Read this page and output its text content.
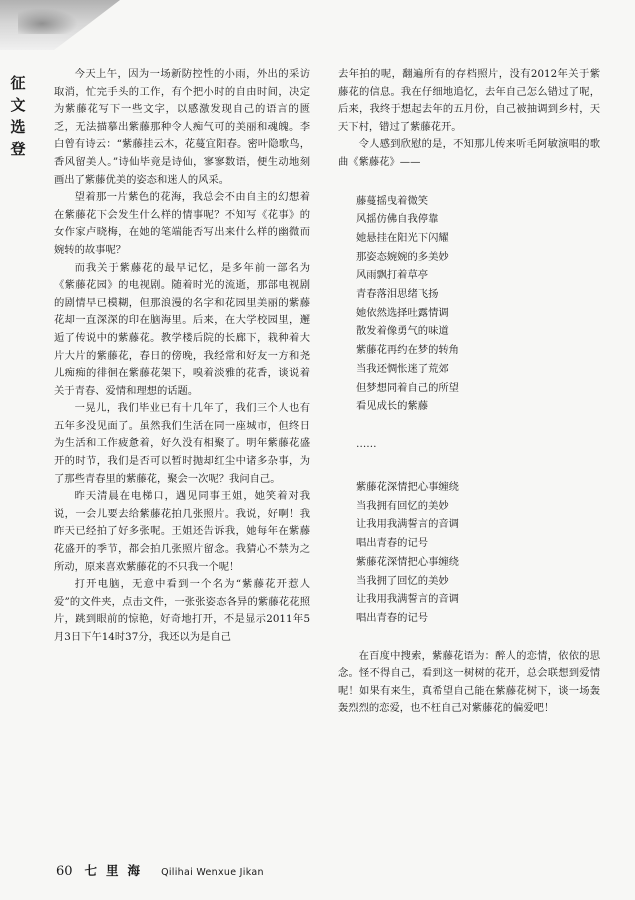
征文选登

今天上午，因为一场新防控性的小雨，外出的采访取消，忙完手头的工作，有个把小时的自由时间，决定为紫藤花写下一些文字，以感激发现自己的语言的匮乏，无法描摹出紫藤那种令人痴气可的美丽和魂魄。李白曾有诗云：“紫藤挂云木，花蔓宜阳春。密叶隐歌鸟，香风留美人。”诗仙毕竟是诗仙，寥寥数语，便生动地刻画出了紫藤优美的姿态和迷人的风采。

望着那一片紫色的花海，我总会不由自主的幻想着在紫藤花下会发生什么样的情事呢？不知写《花事》的女作家卢晓梅，在她的笔端能否写出来什么样的幽微而婉转的故事呢？

而我关于紫藤花的最早记忆，是多年前一部名为《紫藤花园》的电视剧。随着时光的流逝，那部电视剧的剧情早已模糊，但那浪漫的名字和花园里美丽的紫藤花却一直深深的印在脑海里。后来，在大学校园里，邂逅了传说中的紫藤花。教学楼后院的长廊下，栽种着大片大片的紫藤花，春日的傍晚，我经常和好友一方和尧儿痴痴的徘徊在紫藤花架下，嗅着淡雅的花香，谈说着关于青春、爱情和理想的话题。

一晃儿，我们毕业已有十几年了，我们三个人也有五年多没见面了。虽然我们生活在同一座城市，但终日为生活和工作疲惫着，好久没有相聚了。明年紫藤花盛开的时节，我们是否可以暂时抛却红尘中诸多杂事，为了那些青春里的紫藤花，聚会一次呢？我问自己。

昨天清晨在电梯口，遇见同事王姐，她笑着对我说，一会儿要去给紫藤花拍几张照片。我说，好啊！我昨天已经拍了好多张呢。王姐还告诉我，她每年在紫藤花盛开的季节，都会拍几张照片留念。我猜心不禁为之所动，原来喜欢紫藤花的不只我一个呢！

打开电脑，无意中看到一个名为“紫藤花开惹人爱”的文件夹，点击文件，一张张姿态各异的紫藤花花照片，跳到眼前的惊艳，好奇地打开，不是显示2011年5月3日下午14时37分，我还以为是自己

去年拍的呢，翻遍所有的存档照片，没有2012年关于紫藤花的信息。我在仔细地追忆，去年自己怎么错过了呢，后来，我终于想起去年的五月份，自己被抽调到乡村，天天下村，错过了紫藤花开。

令人感到欣慰的是，不知那儿传来听毛阿敏演唱的歌曲《紫藤花》——

藤蔓摇曳着微笑
风摇仿佛自我停靠
她悬挂在阳光下闪耀
那姿态婉婉的多美妙
风雨飘打着草亭
青春落泪思绪飞扬
她依然选择吐露情调
散发着像勇气的味道
紫藤花再约在梦的转角
当我还惆怅迷了荒郊
但梦想同着自己的所望
看见成长的紫藤
……
紫藤花深情把心事缠绕
当我拥有回忆的美妙
让我用我满誓言的音调
唱出青春的记号
紫藤花深情把心事缠绕
当我拥了回忆的美妙
让我用我满誓言的音调
唱出青春的记号

在百度中搜索，紫藤花语为：醉人的恋情，依依的思念。怪不得自己，看到这一树树的花开，总会联想到爱情呢！如果有来生，真希望自己能在紫藤花树下，谈一场轰轰烈烈的恋爱，也不枉自己对紫藤花的偏爱吧！

60 七里海 Qilihai Wenxue Jikan
